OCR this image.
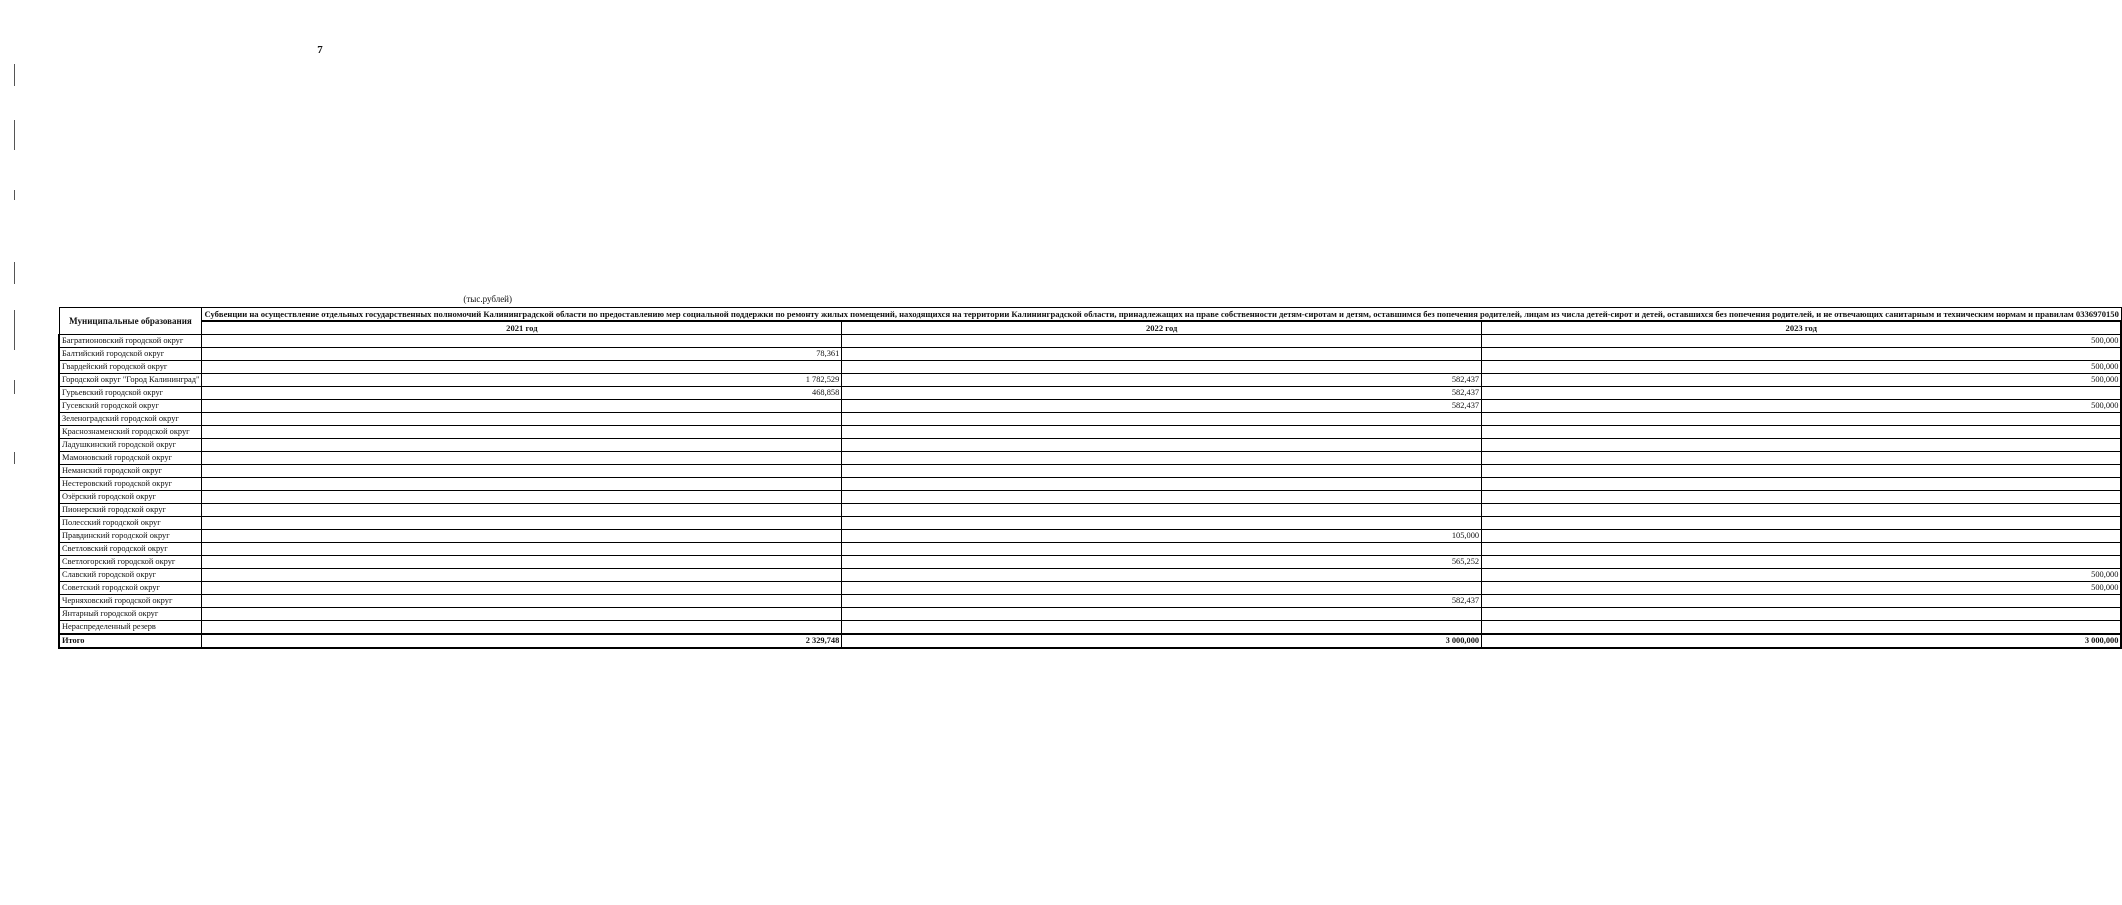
7
(тыс.рублей)
Муниципальные образования	Субвенции на осуществление отдельных государственных полномочий Калининградской области по предоставлению мер социальной поддержки по ремонту жилых помещений, находящихся на территории Калининградской области, принадлежащих на праве собственности детям-сиротам и детям, оставшимся без попечения родителей, лицам из числа детей-сирот и детей, оставшихся без попечения родителей, и не отвечающих санитарным и техническим нормам и правилам 0336970150		
	2021 год	2022 год	2023 год
Багратионовский городской округ			500,000
Балтийский городской округ	78,361		
Гвардейский городской округ			500,000
Городской округ "Город Калининград"	1 782,529	582,437	500,000
Гурьевский городской округ	468,858	582,437	
Гусевский городской округ		582,437	500,000
Зеленоградский городской округ			
Краснознаменский городской округ			
Ладушкинский городской округ			
Мамоновский городской округ			
Неманский городской округ			
Нестеровский городской округ			
Озёрский городской округ			
Пионерский городской округ			
Полесский городской округ			
Правдинский городской округ		105,000	
Светловский городской округ			
Светлогорский городской округ		565,252	
Славский городской округ			500,000
Советский городской округ			500,000
Черняховский городской округ		582,437	
Янтарный городской округ			
Нераспределенный резерв			
Итого	2 329,748	3 000,000	3 000,000
